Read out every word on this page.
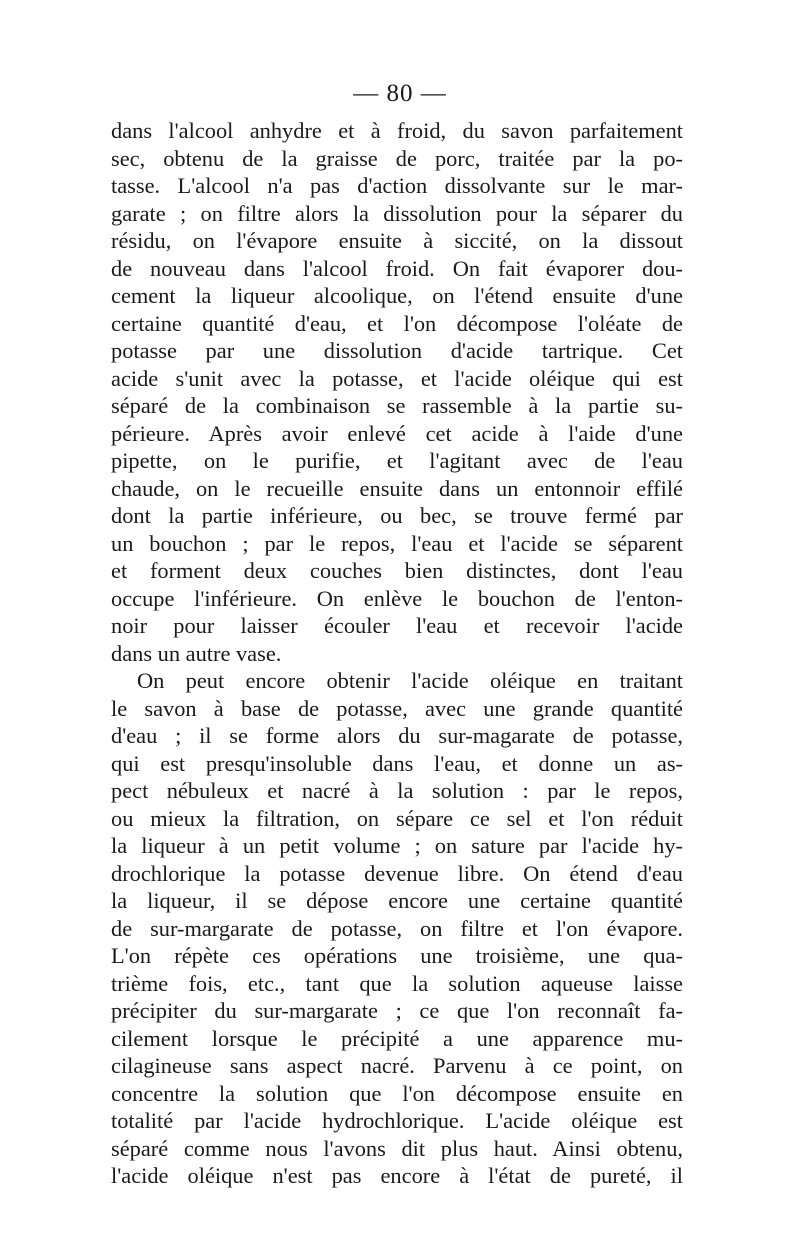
— 80 —
dans l'alcool anhydre et à froid, du savon parfaitement
sec, obtenu de la graisse de porc, traitée par la po-
tasse. L'alcool n'a pas d'action dissolvante sur le mar-
garate ; on filtre alors la dissolution pour la séparer du
résidu, on l'évapore ensuite à siccité, on la dissout
de nouveau dans l'alcool froid. On fait évaporer dou-
cement la liqueur alcoolique, on l'étend ensuite d'une
certaine quantité d'eau, et l'on décompose l'oléate de
potasse par une dissolution d'acide tartrique. Cet
acide s'unit avec la potasse, et l'acide oléique qui est
séparé de la combinaison se rassemble à la partie su-
périeure. Après avoir enlevé cet acide à l'aide d'une
pipette, on le purifie, et l'agitant avec de l'eau
chaude, on le recueille ensuite dans un entonnoir effilé
dont la partie inférieure, ou bec, se trouve fermé par
un bouchon ; par le repos, l'eau et l'acide se séparent
et forment deux couches bien distinctes, dont l'eau
occupe l'inférieure. On enlève le bouchon de l'enton-
noir pour laisser écouler l'eau et recevoir l'acide
dans un autre vase.
On peut encore obtenir l'acide oléique en traitant
le savon à base de potasse, avec une grande quantité
d'eau ; il se forme alors du sur-magarate de potasse,
qui est presqu'insoluble dans l'eau, et donne un as-
pect nébuleux et nacré à la solution : par le repos,
ou mieux la filtration, on sépare ce sel et l'on réduit
la liqueur à un petit volume ; on sature par l'acide hy-
drochlorique la potasse devenue libre. On étend d'eau
la liqueur, il se dépose encore une certaine quantité
de sur-margarate de potasse, on filtre et l'on évapore.
L'on répète ces opérations une troisième, une qua-
trième fois, etc., tant que la solution aqueuse laisse
précipiter du sur-margarate ; ce que l'on reconnaît fa-
cilement lorsque le précipité a une apparence mu-
cilagineuse sans aspect nacré. Parvenu à ce point, on
concentre la solution que l'on décompose ensuite en
totalité par l'acide hydrochlorique. L'acide oléique est
séparé comme nous l'avons dit plus haut. Ainsi obtenu,
l'acide oléique n'est pas encore à l'état de pureté, il
